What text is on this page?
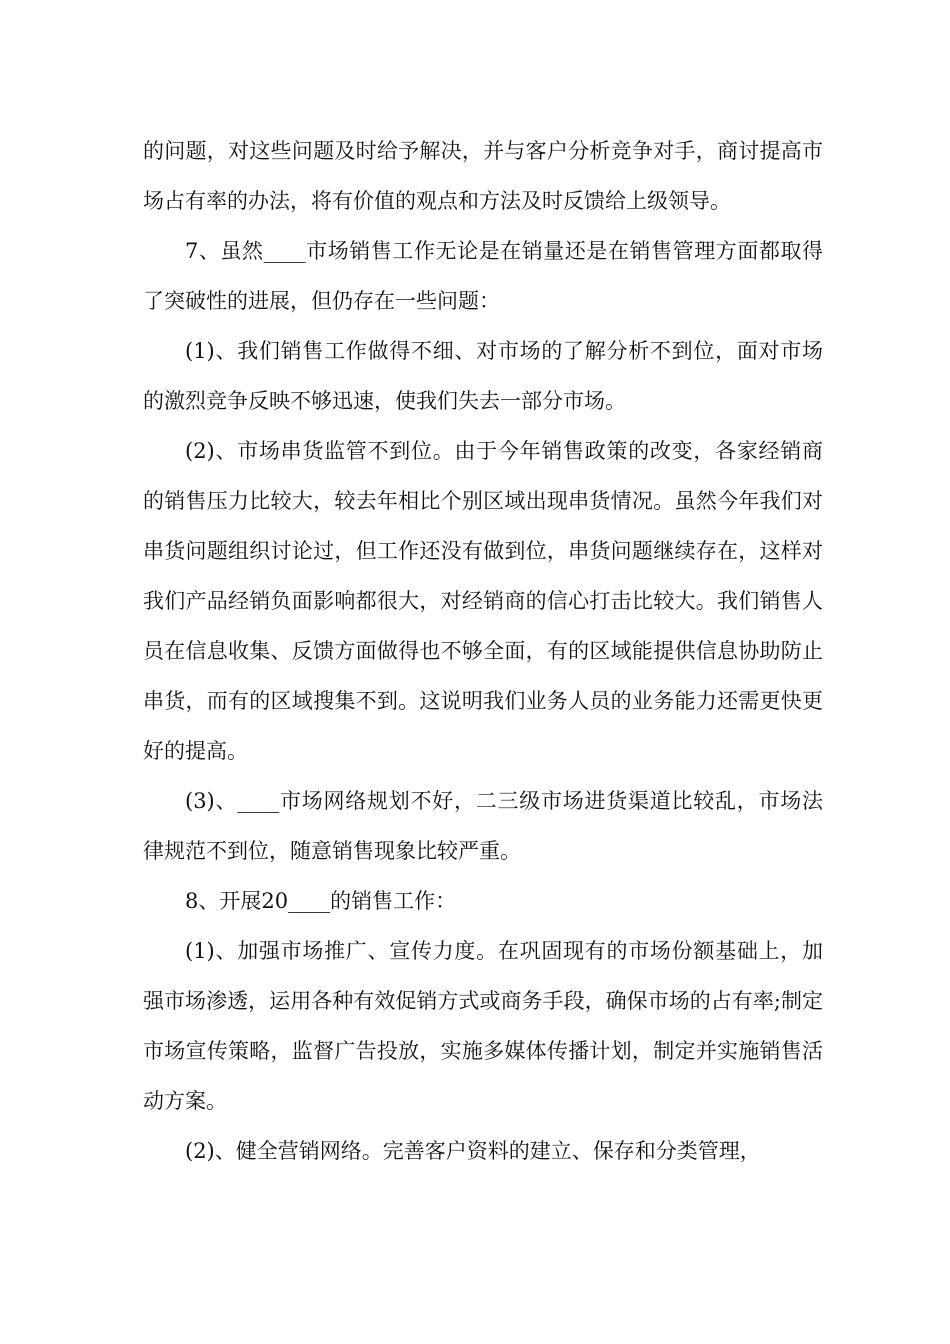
的问题，对这些问题及时给予解决，并与客户分析竞争对手，商讨提高市场占有率的办法，将有价值的观点和方法及时反馈给上级领导。

7、虽然____市场销售工作无论是在销量还是在销售管理方面都取得了突破性的进展，但仍存在一些问题：

(1)、我们销售工作做得不细、对市场的了解分析不到位，面对市场的激烈竞争反映不够迅速，使我们失去一部分市场。

(2)、市场串货监管不到位。由于今年销售政策的改变，各家经销商的销售压力比较大，较去年相比个别区域出现串货情况。虽然今年我们对串货问题组织讨论过，但工作还没有做到位，串货问题继续存在，这样对我们产品经销负面影响都很大，对经销商的信心打击比较大。我们销售人员在信息收集、反馈方面做得也不够全面，有的区域能提供信息协助防止串货，而有的区域搜集不到。这说明我们业务人员的业务能力还需更快更好的提高。

(3)、____市场网络规划不好，二三级市场进货渠道比较乱，市场法律规范不到位，随意销售现象比较严重。

8、开展20____的销售工作：

(1)、加强市场推广、宣传力度。在巩固现有的市场份额基础上，加强市场渗透，运用各种有效促销方式或商务手段，确保市场的占有率;制定市场宣传策略，监督广告投放，实施多媒体传播计划，制定并实施销售活动方案。

(2)、健全营销网络。完善客户资料的建立、保存和分类管理，
